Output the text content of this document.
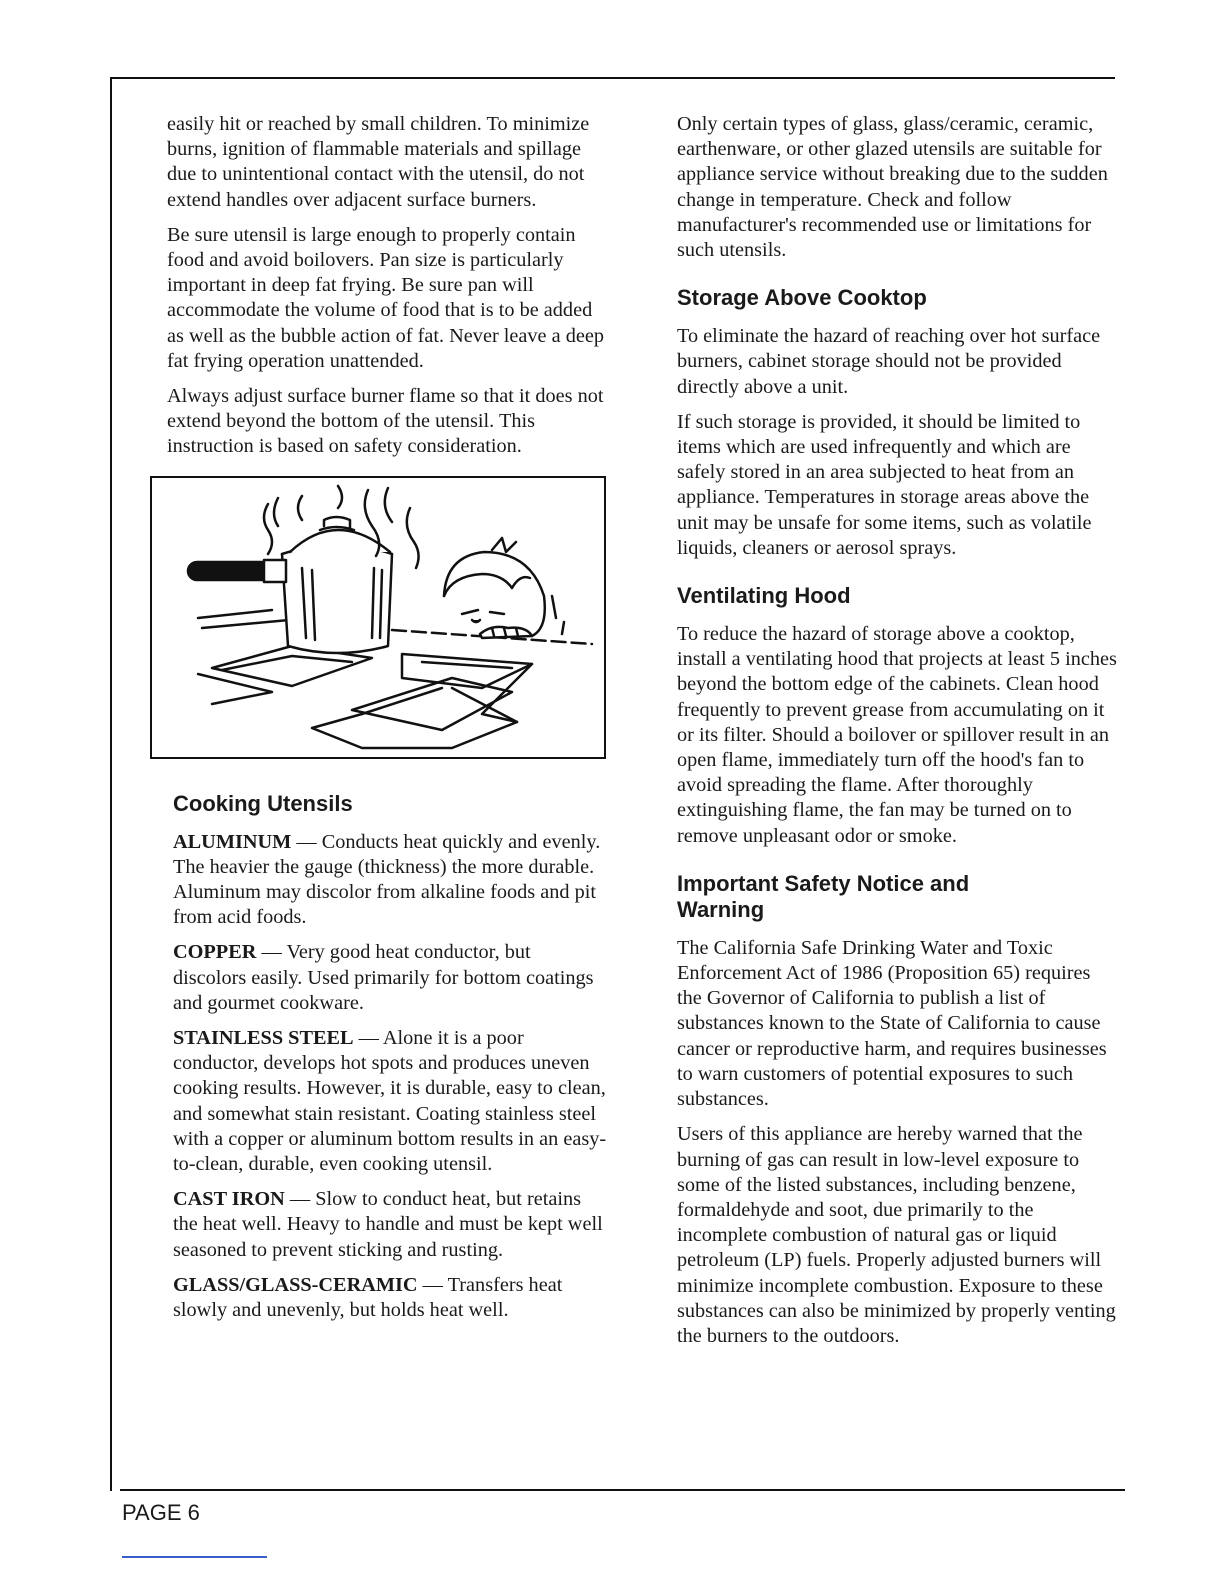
easily hit or reached by small children. To minimize burns, ignition of flammable materials and spillage due to unintentional contact with the utensil, do not extend handles over adjacent surface burners.

Be sure utensil is large enough to properly contain food and avoid boilovers. Pan size is particularly important in deep fat frying. Be sure pan will accommodate the volume of food that is to be added as well as the bubble action of fat. Never leave a deep fat frying operation unattended.

Always adjust surface burner flame so that it does not extend beyond the bottom of the utensil. This instruction is based on safety consideration.

Cooking Utensils

ALUMINUM — Conducts heat quickly and evenly. The heavier the gauge (thickness) the more durable. Aluminum may discolor from alkaline foods and pit from acid foods.

COPPER — Very good heat conductor, but discolors easily. Used primarily for bottom coatings and gourmet cookware.

STAINLESS STEEL — Alone it is a poor conductor, develops hot spots and produces uneven cooking results. However, it is durable, easy to clean, and somewhat stain resistant. Coating stainless steel with a copper or aluminum bottom results in an easy-to-clean, durable, even cooking utensil.

CAST IRON — Slow to conduct heat, but retains the heat well. Heavy to handle and must be kept well seasoned to prevent sticking and rusting.

GLASS/GLASS-CERAMIC — Transfers heat slowly and unevenly, but holds heat well.

Only certain types of glass, glass/ceramic, ceramic, earthenware, or other glazed utensils are suitable for appliance service without breaking due to the sudden change in temperature. Check and follow manufacturer's recommended use or limitations for such utensils.

Storage Above Cooktop

To eliminate the hazard of reaching over hot surface burners, cabinet storage should not be provided directly above a unit.

If such storage is provided, it should be limited to items which are used infrequently and which are safely stored in an area subjected to heat from an appliance. Temperatures in storage areas above the unit may be unsafe for some items, such as volatile liquids, cleaners or aerosol sprays.

Ventilating Hood

To reduce the hazard of storage above a cooktop, install a ventilating hood that projects at least 5 inches beyond the bottom edge of the cabinets. Clean hood frequently to prevent grease from accumulating on it or its filter. Should a boilover or spillover result in an open flame, immediately turn off the hood's fan to avoid spreading the flame. After thoroughly extinguishing flame, the fan may be turned on to remove unpleasant odor or smoke.

Important Safety Notice and Warning

The California Safe Drinking Water and Toxic Enforcement Act of 1986 (Proposition 65) requires the Governor of California to publish a list of substances known to the State of California to cause cancer or reproductive harm, and requires businesses to warn customers of potential exposures to such substances.

Users of this appliance are hereby warned that the burning of gas can result in low-level exposure to some of the listed substances, including benzene, formaldehyde and soot, due primarily to the incomplete combustion of natural gas or liquid petroleum (LP) fuels. Properly adjusted burners will minimize incomplete combustion. Exposure to these substances can also be minimized by properly venting the burners to the outdoors.

PAGE 6
